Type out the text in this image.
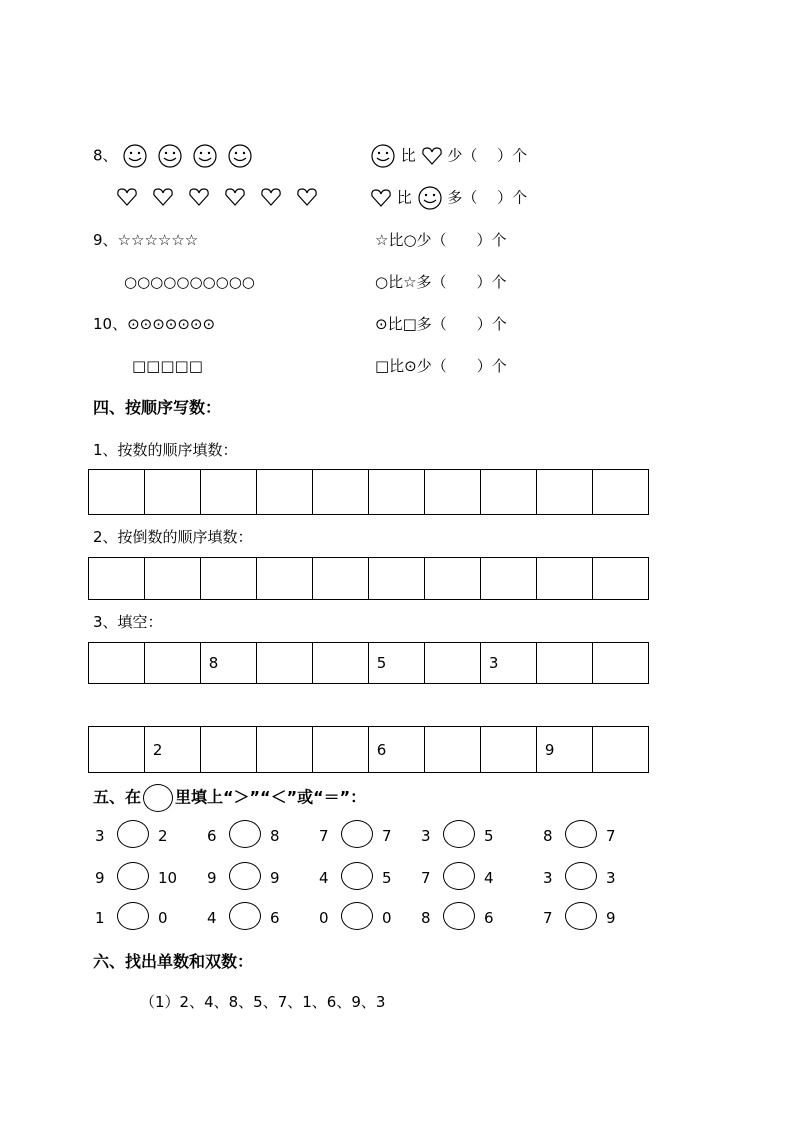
8、	比 少（　 ）个
比 多（　 ）个
9、☆☆☆☆☆☆
○○○○○○○○○○
☆比○少（　　）个
○比☆多（　　）个
10、⊙⊙⊙⊙⊙⊙⊙
□□□□□
⊙比□多（　　）个
□比⊙少（　　）个
四、按顺序写数：
1、按数的顺序填数：

2、按倒数的顺序填数：

3、填空：
		8			5		3		
	2				6			9	
五、在 里填上“＞”“＜”或“＝”：
3	2	6	8	7	7 3	5	8	7
9	10 9	9	4	5 7	4	3	3
1	0	4	6	0	0 8	6	7	9
六、找出单数和双数：
（1）2、4、8、5、7、1、6、9、3
